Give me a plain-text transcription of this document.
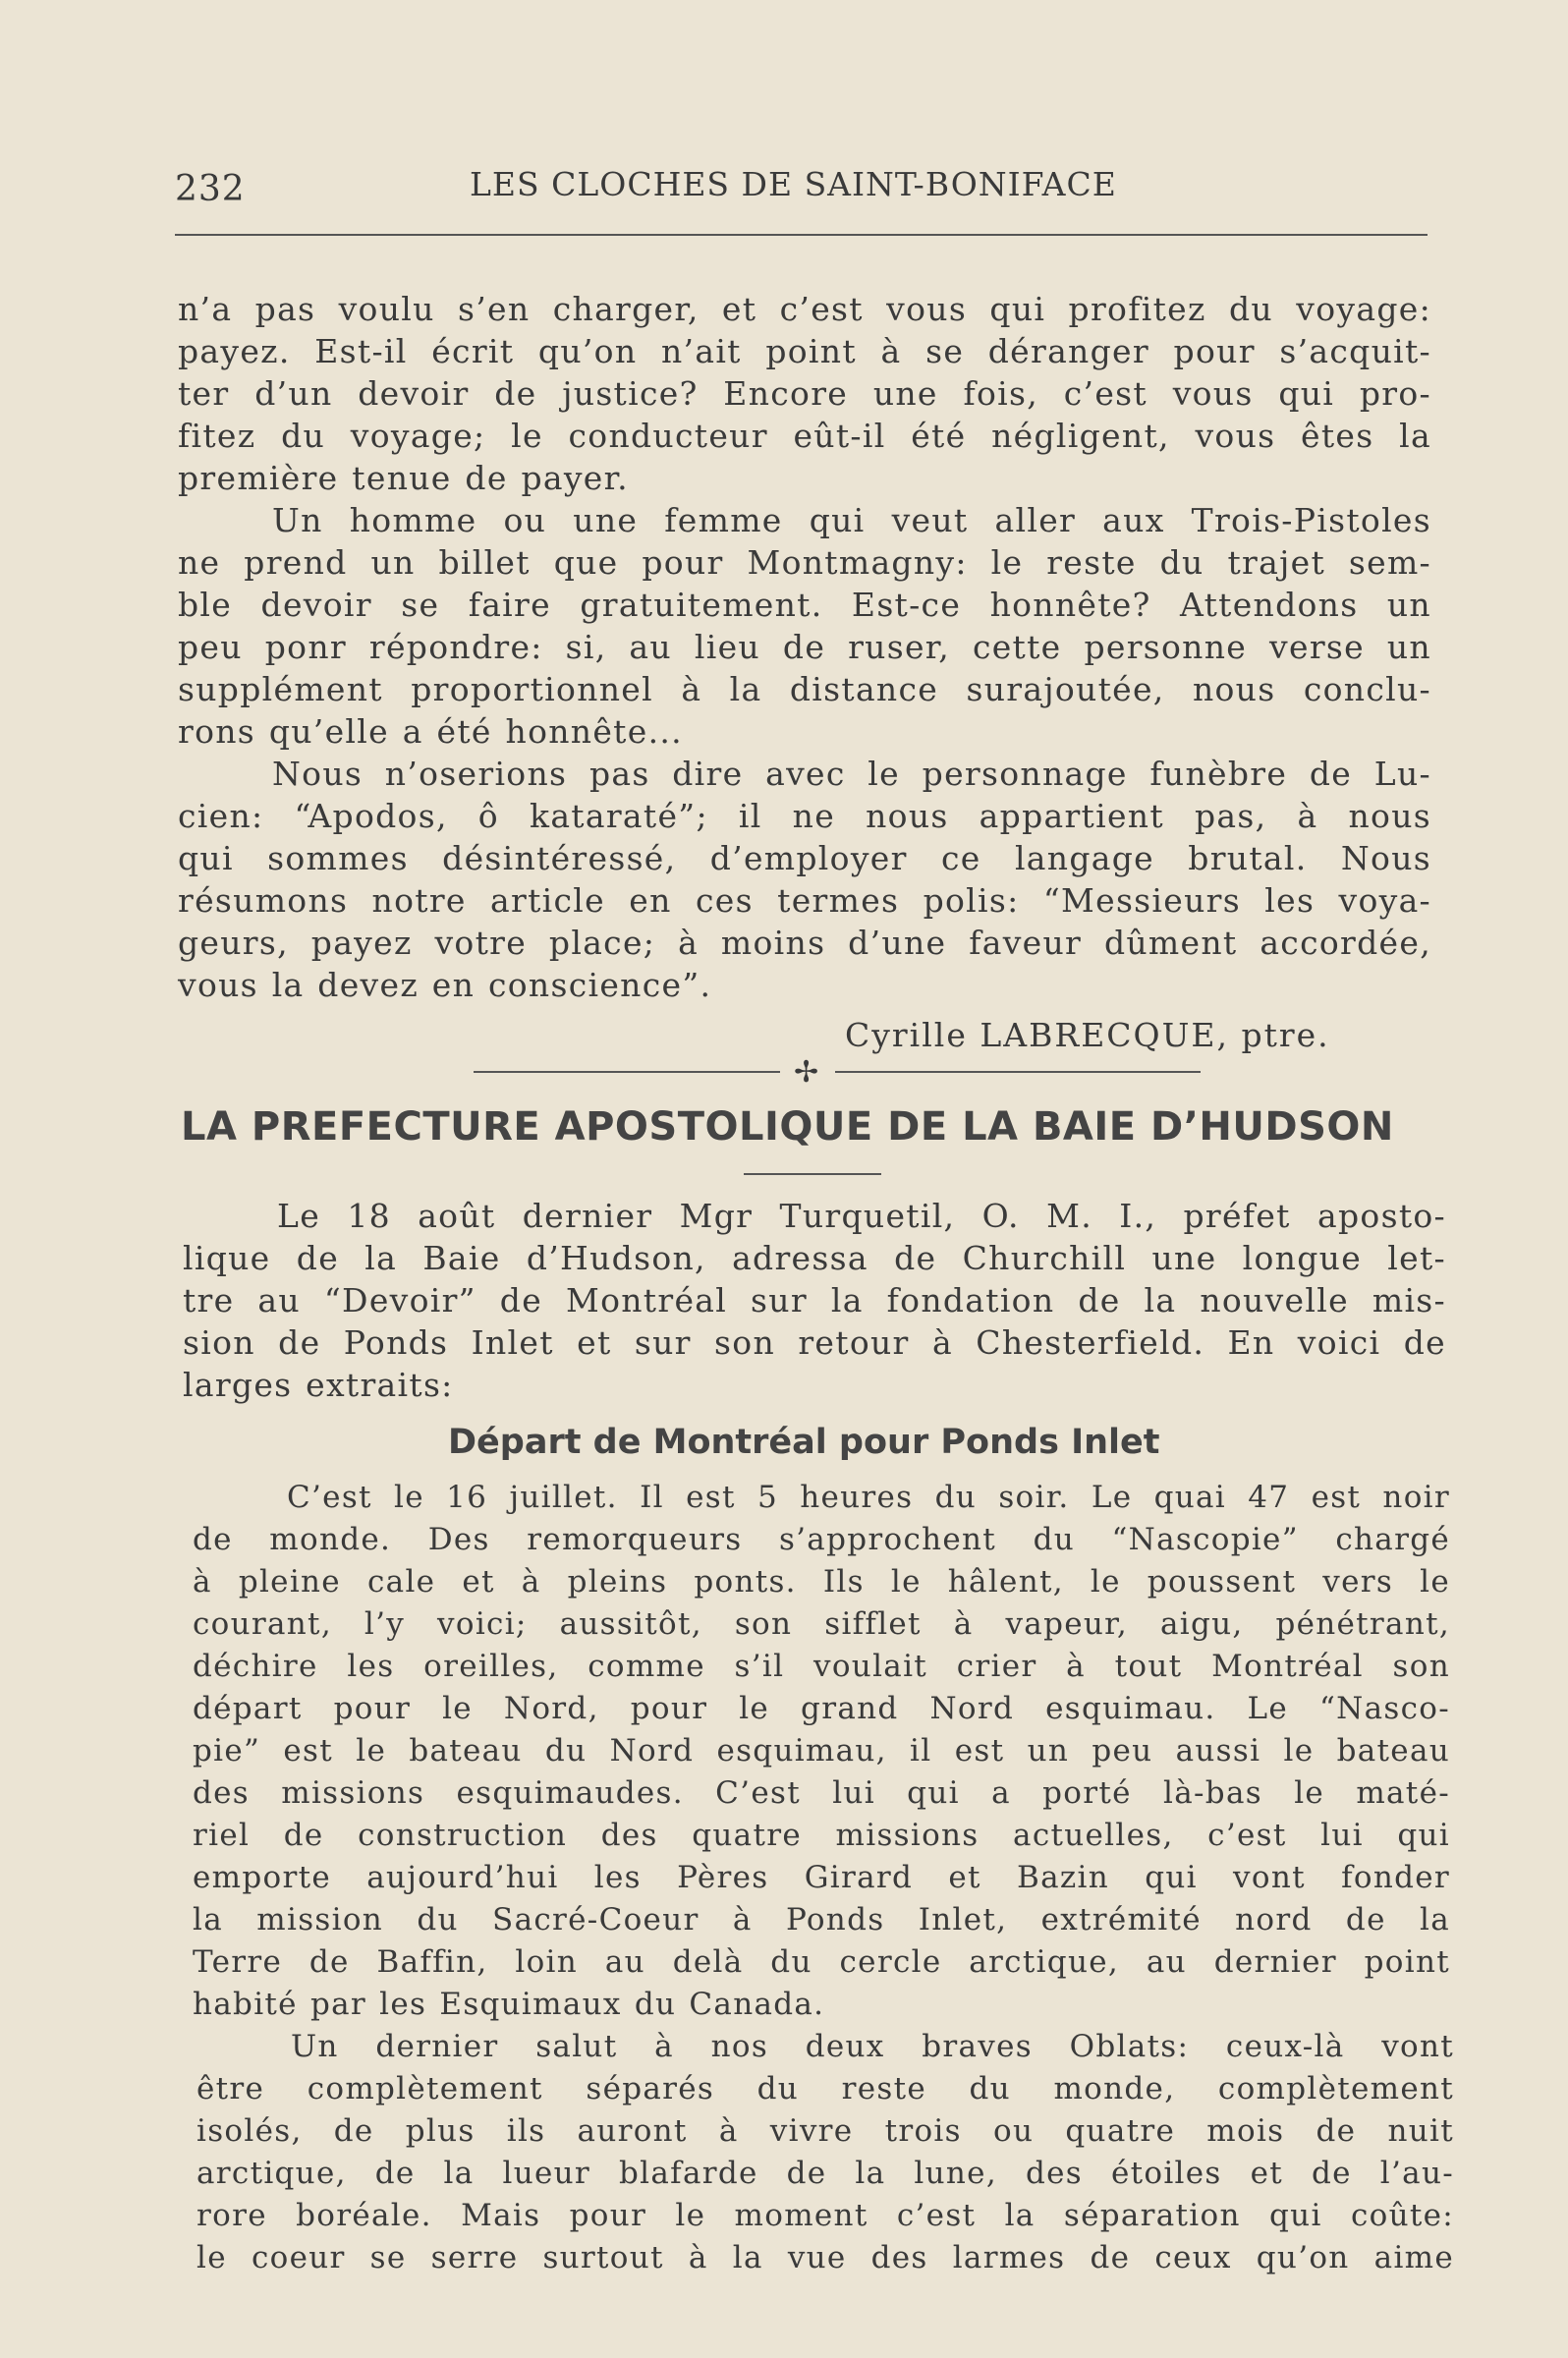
232	LES CLOCHES DE SAINT-BONIFACE
n’a pas voulu s’en charger, et c’est vous qui profitez du voyage:
payez. Est-il écrit qu’on n’ait point à se déranger pour s’acquit-
ter d’un devoir de justice? Encore une fois, c’est vous qui pro-
fitez du voyage; le conducteur eût-il été négligent, vous êtes la
première tenue de payer.
Un homme ou une femme qui veut aller aux Trois-Pistoles
ne prend un billet que pour Montmagny: le reste du trajet sem-
ble devoir se faire gratuitement. Est-ce honnête? Attendons un
peu ponr répondre: si, au lieu de ruser, cette personne verse un
supplément proportionnel à la distance surajoutée, nous conclu-
rons qu’elle a été honnête...
Nous n’oserions pas dire avec le personnage funèbre de Lu-
cien: “Apodos, ô kataraté”; il ne nous appartient pas, à nous
qui sommes désintéressé, d’employer ce langage brutal. Nous
résumons notre article en ces termes polis: “Messieurs les voya-
geurs, payez votre place; à moins d’une faveur dûment accordée,
vous la devez en conscience”.
Cyrille LABRECQUE, ptre.
✢
LA PREFECTURE APOSTOLIQUE DE LA BAIE D’HUDSON
Le 18 août dernier Mgr Turquetil, O. M. I., préfet aposto-
lique de la Baie d’Hudson, adressa de Churchill une longue let-
tre au “Devoir” de Montréal sur la fondation de la nouvelle mis-
sion de Ponds Inlet et sur son retour à Chesterfield. En voici de
larges extraits:
Départ de Montréal pour Ponds Inlet
C’est le 16 juillet. Il est 5 heures du soir. Le quai 47 est noir
de monde. Des remorqueurs s’approchent du “Nascopie” chargé
à pleine cale et à pleins ponts. Ils le hâlent, le poussent vers le
courant, l’y voici; aussitôt, son sifflet à vapeur, aigu, pénétrant,
déchire les oreilles, comme s’il voulait crier à tout Montréal son
départ pour le Nord, pour le grand Nord esquimau. Le “Nasco-
pie” est le bateau du Nord esquimau, il est un peu aussi le bateau
des missions esquimaudes. C’est lui qui a porté là-bas le maté-
riel de construction des quatre missions actuelles, c’est lui qui
emporte aujourd’hui les Pères Girard et Bazin qui vont fonder
la mission du Sacré-Coeur à Ponds Inlet, extrémité nord de la
Terre de Baffin, loin au delà du cercle arctique, au dernier point
habité par les Esquimaux du Canada.
Un dernier salut à nos deux braves Oblats: ceux-là vont
être complètement séparés du reste du monde, complètement
isolés, de plus ils auront à vivre trois ou quatre mois de nuit
arctique, de la lueur blafarde de la lune, des étoiles et de l’au-
rore boréale. Mais pour le moment c’est la séparation qui coûte:
le coeur se serre surtout à la vue des larmes de ceux qu’on aime
